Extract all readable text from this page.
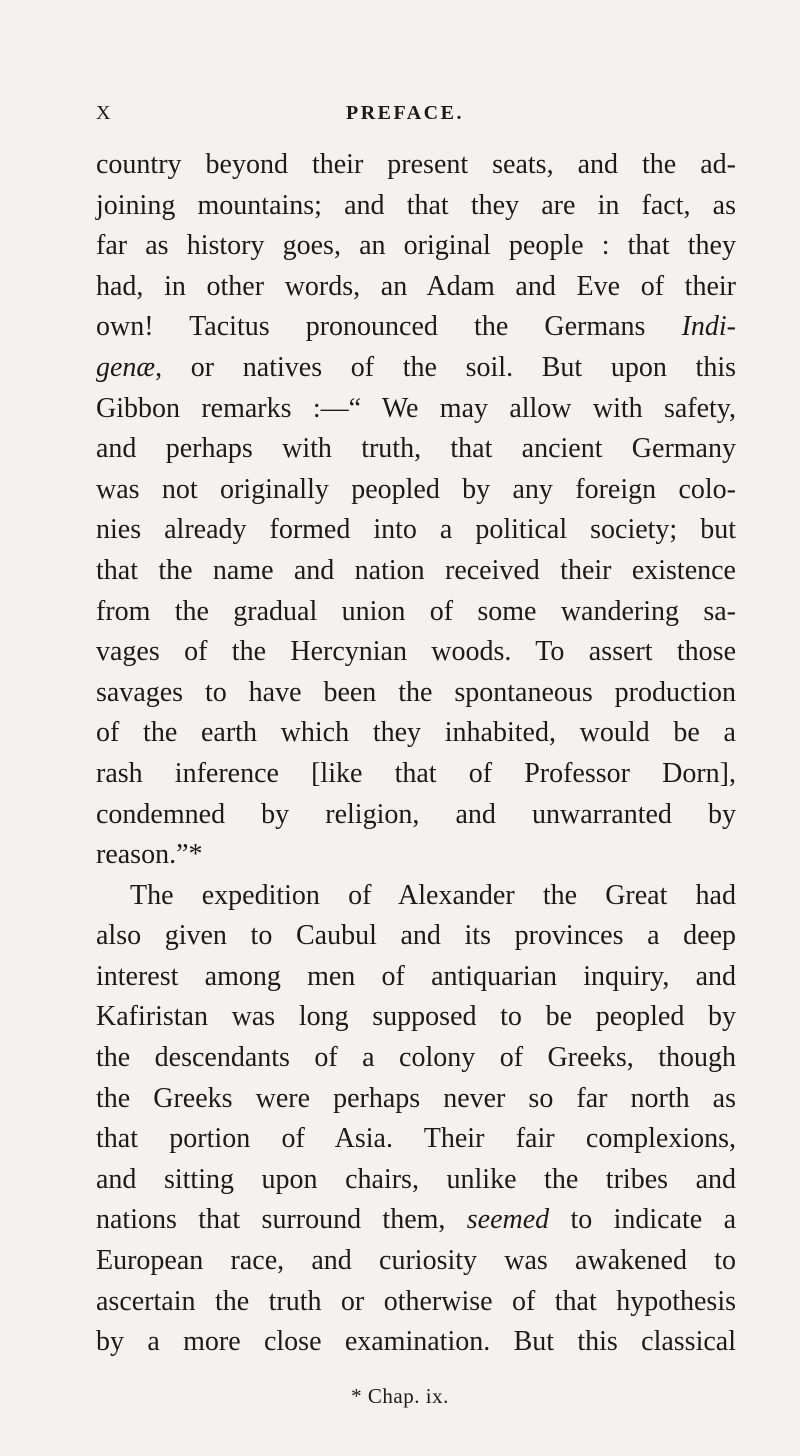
X	PREFACE.
country beyond their present seats, and the ad-
joining mountains; and that they are in fact, as
far as history goes, an original people : that they
had, in other words, an Adam and Eve of their
own! Tacitus pronounced the Germans Indi-
genæ, or natives of the soil. But upon this
Gibbon remarks :—“ We may allow with safety,
and perhaps with truth, that ancient Germany
was not originally peopled by any foreign colo-
nies already formed into a political society; but
that the name and nation received their existence
from the gradual union of some wandering sa-
vages of the Hercynian woods. To assert those
savages to have been the spontaneous production
of the earth which they inhabited, would be a
rash inference [like that of Professor Dorn],
condemned by religion, and unwarranted by
reason.”*
The expedition of Alexander the Great had
also given to Caubul and its provinces a deep
interest among men of antiquarian inquiry, and
Kafiristan was long supposed to be peopled by
the descendants of a colony of Greeks, though
the Greeks were perhaps never so far north as
that portion of Asia. Their fair complexions,
and sitting upon chairs, unlike the tribes and
nations that surround them, seemed to indicate a
European race, and curiosity was awakened to
ascertain the truth or otherwise of that hypothesis
by a more close examination. But this classical
* Chap. ix.
